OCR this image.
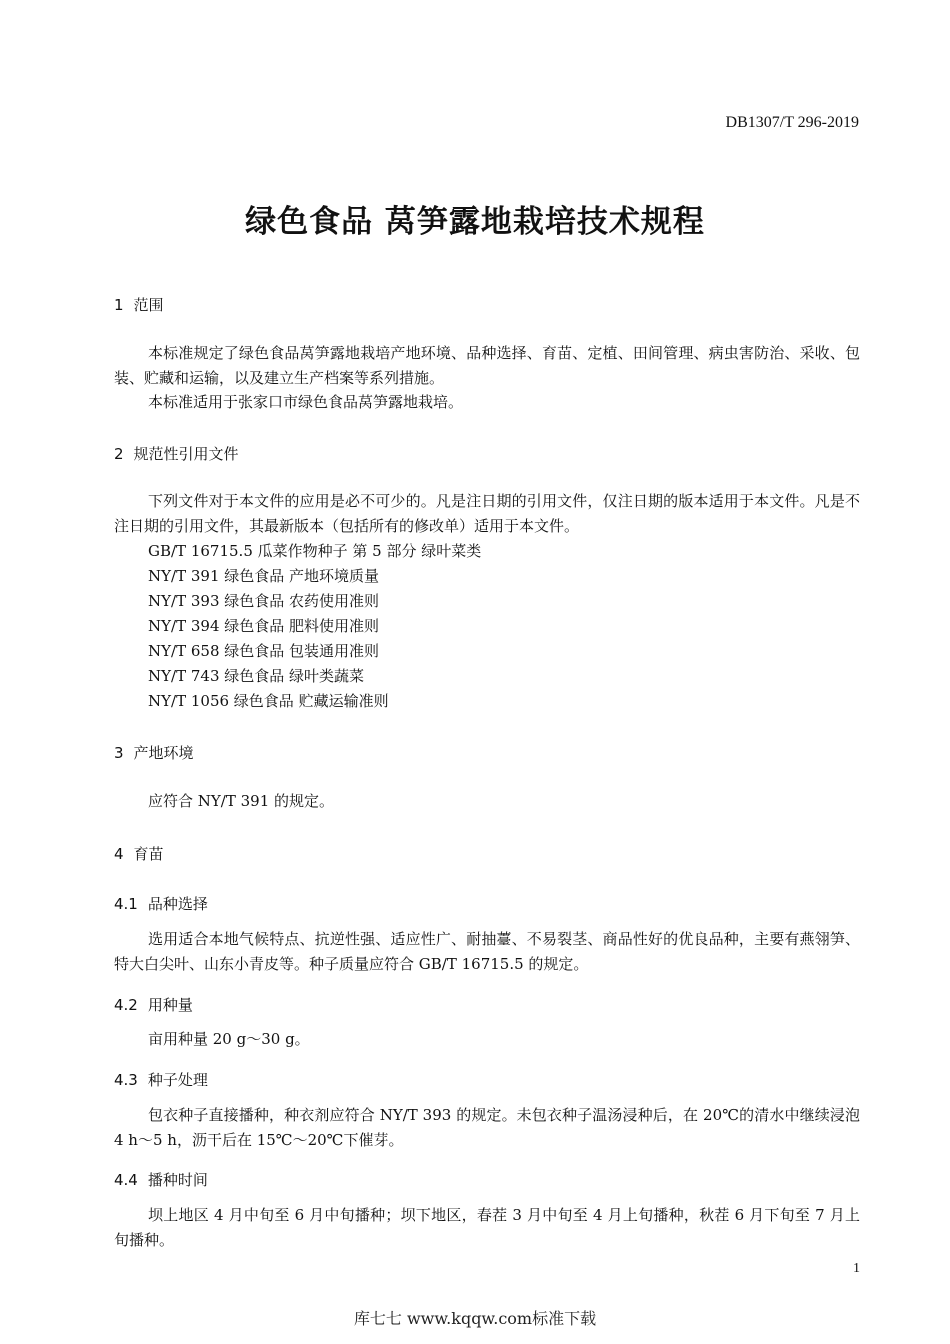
DB1307/T 296-2019
绿色食品 莴笋露地栽培技术规程
1 范围
本标准规定了绿色食品莴笋露地栽培产地环境、品种选择、育苗、定植、田间管理、病虫害防治、采收、包装、贮藏和运输，以及建立生产档案等系列措施。
本标准适用于张家口市绿色食品莴笋露地栽培。
2 规范性引用文件
下列文件对于本文件的应用是必不可少的。凡是注日期的引用文件，仅注日期的版本适用于本文件。凡是不注日期的引用文件，其最新版本（包括所有的修改单）适用于本文件。
GB/T 16715.5 瓜菜作物种子 第 5 部分 绿叶菜类
NY/T 391 绿色食品 产地环境质量
NY/T 393 绿色食品 农药使用准则
NY/T 394 绿色食品 肥料使用准则
NY/T 658 绿色食品 包装通用准则
NY/T 743 绿色食品 绿叶类蔬菜
NY/T 1056 绿色食品 贮藏运输准则
3 产地环境
应符合 NY/T 391 的规定。
4 育苗
4.1 品种选择
选用适合本地气候特点、抗逆性强、适应性广、耐抽薹、不易裂茎、商品性好的优良品种，主要有燕翎笋、特大白尖叶、山东小青皮等。种子质量应符合 GB/T 16715.5 的规定。
4.2 用种量
亩用种量 20 g～30 g。
4.3 种子处理
包衣种子直接播种，种衣剂应符合 NY/T 393 的规定。未包衣种子温汤浸种后，在 20℃的清水中继续浸泡 4 h～5 h，沥干后在 15℃～20℃下催芽。
4.4 播种时间
坝上地区 4 月中旬至 6 月中旬播种；坝下地区，春茬 3 月中旬至 4 月上旬播种，秋茬 6 月下旬至 7 月上旬播种。
1
库七七 www.kqqw.com标准下载
